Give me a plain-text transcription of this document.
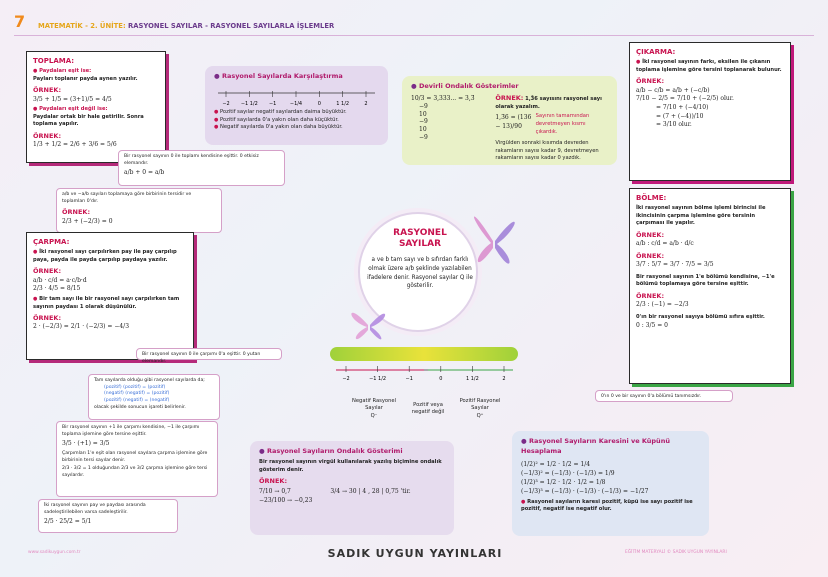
7 MATEMATİK - 2. ÜNİTE: RASYONEL SAYILAR - RASYONEL SAYILARLA İŞLEMLER
TOPLAMA:
● Paydaları eşit ise:
Payları toplanır payda aynen yazılır.
ÖRNEK:
3/5 + 1/5 = (3+1)/5 = 4/5
● Paydaları eşit değil ise:
Paydalar ortak bir hale getirilir. Sonra toplama yapılır.
ÖRNEK:
1/3 + 1/2 = 2/6 + 3/6 = 5/6
Bir rasyonel sayının 0 ile toplamı kendisine eşittir. 0 etkisiz elemandır.
a/b + 0 = a/b
a/b ve −a/b sayıları toplamaya göre birbirinin tersidir ve toplamları 0'dır.
ÖRNEK:
2/3 + (−2/3) = 0
● Rasyonel Sayılarda Karşılaştırma
−2 −1 1/2 −1	−1/4	0	1 1/2	2
● Pozitif sayılar negatif sayılardan daima büyüktür.
● Pozitif sayılarda 0'a yakın olan daha küçüktür.
● Negatif sayılarda 0'a yakın olan daha büyüktür.
● Devirli Ondalık Gösterimler
10/3 = 3,333... = 3,3̄
−9
10
−9
10
−9
ÖRNEK: 1,3̄6 sayısını rasyonel sayı olarak yazalım.
1,3̄6 = (136 − 13)/90
Sayının tamamından devretmeyen kısmı çıkardık.
Virgülden sonraki kısımda devreden rakamların sayısı kadar 9, devretmeyen rakamların sayısı kadar 0 yazdık.
ÇIKARMA:
● İki rasyonel sayının farkı, eksilen ile çıkanın toplama işlemine göre tersini toplanarak bulunur.
ÖRNEK:
a/b − c/b = a/b + (−c/b)
7/10 − 2/5 = 7/10 + (−2/5) olur.
= 7/10 + (−4/10)
= (7 + (−4))/10
= 3/10 olur.
RASYONEL
SAYILAR
a ve b tam sayı ve b sıfırdan farklı olmak üzere a/b şeklinde yazılabilen ifadelere denir. Rasyonel sayılar Q ile gösterilir.
ÇARPMA:
● İki rasyonel sayı çarpılırken pay ile pay çarpılıp paya, payda ile payda çarpılıp paydaya yazılır.
ÖRNEK:
a/b · c/d = a·c/b·d
2/3 · 4/5 = 8/15
● Bir tam sayı ile bir rasyonel sayı çarpılırken tam sayının paydası 1 olarak düşünülür.
ÖRNEK:
2 · (−2/3) = 2/1 · (−2/3) = −4/3
Bir rasyonel sayının 0 ile çarpımı 0'a eşittir. 0 yutan elemandır.
Tam sayılarda olduğu gibi rasyonel sayılarda da;
(pozitif) (pozitif) = (pozitif)
(negatif) (negatif) = (pozitif)
(pozitif) (negatif) = (negatif)
olacak şekilde sonucun işareti belirlenir.
Bir rasyonel sayının +1 ile çarpımı kendisine, −1 ile çarpımı toplama işlemine göre tersine eşittir.
3/5 · (+1) = 3/5
Çarpımları 1'e eşit olan rasyonel sayılara çarpma işlemine göre birbirinin tersi sayılar denir.
2/3 · 3/2 = 1 olduğundan 2/3 ve 3/2 çarpma işlemine göre tersi sayılardır.
İki rasyonel sayının pay ve paydası arasında sadeleştirilebilen varsa sadeleştirilir.
2/5 · 25/2 = 5/1
−2	−1 1/2	−1	0	1 1/2	2
Negatif Rasyonel Sayılar
Q⁻
Pozitif veya negatif değil
Pozitif Rasyonel Sayılar
Q⁺
BÖLME:
İki rasyonel sayının bölme işlemi birincisi ile ikincisinin çarpma işlemine göre tersinin çarpıması ile yapılır.
ÖRNEK:
a/b : c/d = a/b · d/c
ÖRNEK:
3/7 : 5/7 = 3/7 · 7/5 = 3/5
Bir rasyonel sayının 1'e bölümü kendisine, −1'e bölümü toplamaya göre tersine eşittir.
ÖRNEK:
2/3 : (−1) = −2/3
0'ın bir rasyonel sayıya bölümü sıfıra eşittir.
0 : 3/5 = 0
0'ın 0 ve bir sayının 0'a bölümü tanımsızdır.
● Rasyonel Sayıların Ondalık Gösterimi
Bir rasyonel sayının virgül kullanılarak yazılış biçimine ondalık gösterim denir.
ÖRNEK:
7/10 → 0,7
−23/100 → −0,23
3/4 → 30 | 4 , 28 | 0,75 'tir.
● Rasyonel Sayıların Karesini ve Küpünü Hesaplama
(1/2)² = 1/2 · 1/2 = 1/4
(−1/3)² = (−1/3) · (−1/3) = 1/9
(1/2)³ = 1/2 · 1/2 · 1/2 = 1/8
(−1/3)³ = (−1/3) · (−1/3) · (−1/3) = −1/27
● Rasyonel sayıların karesi pozitif, küpü ise sayı pozitif ise pozitif, negatif ise negatif olur.
SADIK UYGUN YAYINLARI
www.sadikuygun.com.tr	EĞİTİM MATERYALİ © SADIK UYGUN YAYINLARI
